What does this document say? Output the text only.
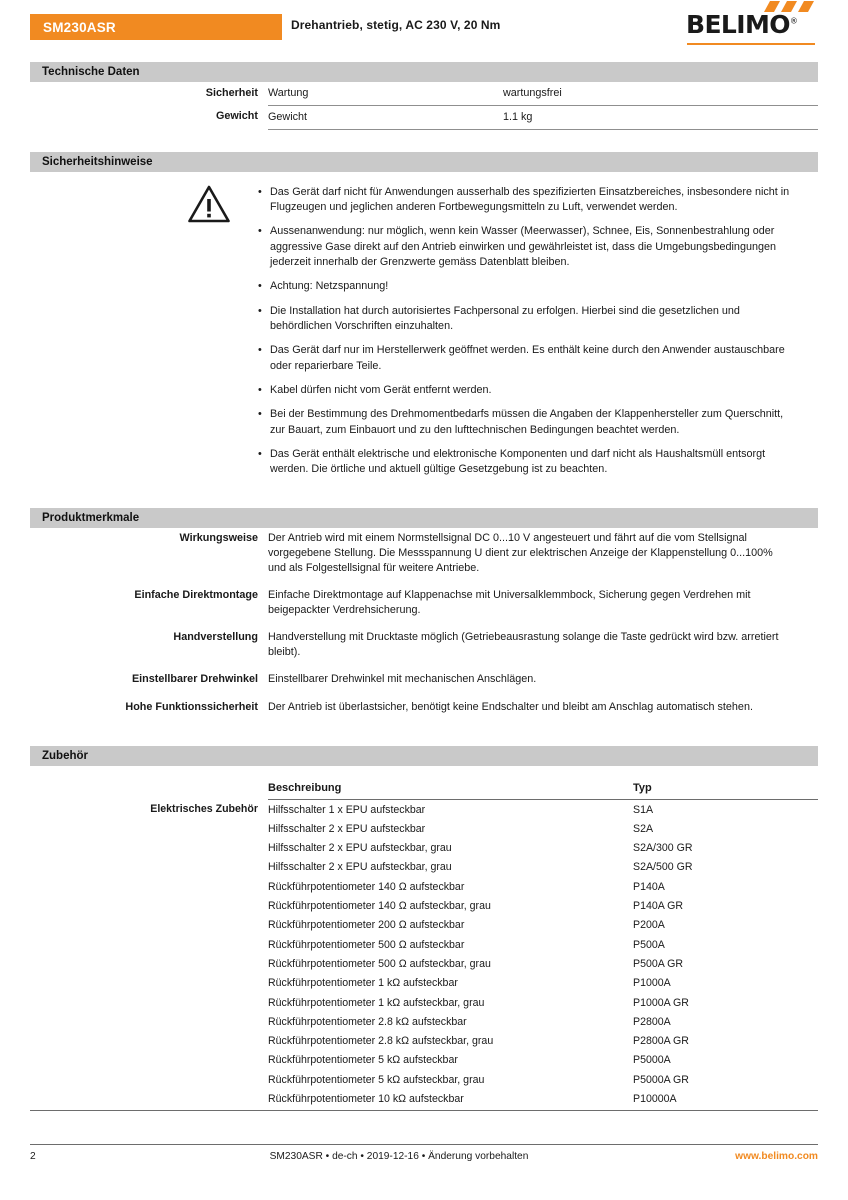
SM230ASR	Drehantrieb, stetig, AC 230 V, 20 Nm	BELIMO®
Technische Daten
Sicherheit	Wartung	wartungsfrei
Gewicht	Gewicht	1.1 kg
Sicherheitshinweise
• Das Gerät darf nicht für Anwendungen ausserhalb des spezifizierten Einsatzbereiches, insbesondere nicht in Flugzeugen und jeglichen anderen Fortbewegungsmitteln zu Luft, verwendet werden.
• Aussenanwendung: nur möglich, wenn kein Wasser (Meerwasser), Schnee, Eis, Sonnenbestrahlung oder aggressive Gase direkt auf den Antrieb einwirken und gewährleistet ist, dass die Umgebungsbedingungen jederzeit innerhalb der Grenzwerte gemäss Datenblatt bleiben.
• Achtung: Netzspannung!
• Die Installation hat durch autorisiertes Fachpersonal zu erfolgen. Hierbei sind die gesetzlichen und behördlichen Vorschriften einzuhalten.
• Das Gerät darf nur im Herstellerwerk geöffnet werden. Es enthält keine durch den Anwender austauschbare oder reparierbare Teile.
• Kabel dürfen nicht vom Gerät entfernt werden.
• Bei der Bestimmung des Drehmomentbedarfs müssen die Angaben der Klappenhersteller zum Querschnitt, zur Bauart, zum Einbauort und zu den lufttechnischen Bedingungen beachtet werden.
• Das Gerät enthält elektrische und elektronische Komponenten und darf nicht als Haushaltsmüll entsorgt werden. Die örtliche und aktuell gültige Gesetzgebung ist zu beachten.
Produktmerkmale
Wirkungsweise	Der Antrieb wird mit einem Normstellsignal DC 0...10 V angesteuert und fährt auf die vom Stellsignal vorgegebene Stellung. Die Messspannung U dient zur elektrischen Anzeige der Klappenstellung 0...100% und als Folgestellsignal für weitere Antriebe.
Einfache Direktmontage	Einfache Direktmontage auf Klappenachse mit Universalklemmbock, Sicherung gegen Verdrehen mit beigepackter Verdrehsicherung.
Handverstellung	Handverstellung mit Drucktaste möglich (Getriebeausrastung solange die Taste gedrückt wird bzw. arretiert bleibt).
Einstellbarer Drehwinkel	Einstellbarer Drehwinkel mit mechanischen Anschlägen.
Hohe Funktionssicherheit	Der Antrieb ist überlastsicher, benötigt keine Endschalter und bleibt am Anschlag automatisch stehen.
Zubehör
	Beschreibung	Typ
Elektrisches Zubehör	Hilfsschalter 1 x EPU aufsteckbar	S1A
	Hilfsschalter 2 x EPU aufsteckbar	S2A
	Hilfsschalter 2 x EPU aufsteckbar, grau	S2A/300 GR
	Hilfsschalter 2 x EPU aufsteckbar, grau	S2A/500 GR
	Rückführpotentiometer 140 Ω aufsteckbar	P140A
	Rückführpotentiometer 140 Ω aufsteckbar, grau	P140A GR
	Rückführpotentiometer 200 Ω aufsteckbar	P200A
	Rückführpotentiometer 500 Ω aufsteckbar	P500A
	Rückführpotentiometer 500 Ω aufsteckbar, grau	P500A GR
	Rückführpotentiometer 1 kΩ aufsteckbar	P1000A
	Rückführpotentiometer 1 kΩ aufsteckbar, grau	P1000A GR
	Rückführpotentiometer 2.8 kΩ aufsteckbar	P2800A
	Rückführpotentiometer 2.8 kΩ aufsteckbar, grau	P2800A GR
	Rückführpotentiometer 5 kΩ aufsteckbar	P5000A
	Rückführpotentiometer 5 kΩ aufsteckbar, grau	P5000A GR
	Rückführpotentiometer 10 kΩ aufsteckbar	P10000A
2	SM230ASR • de-ch • 2019-12-16 • Änderung vorbehalten	www.belimo.com
